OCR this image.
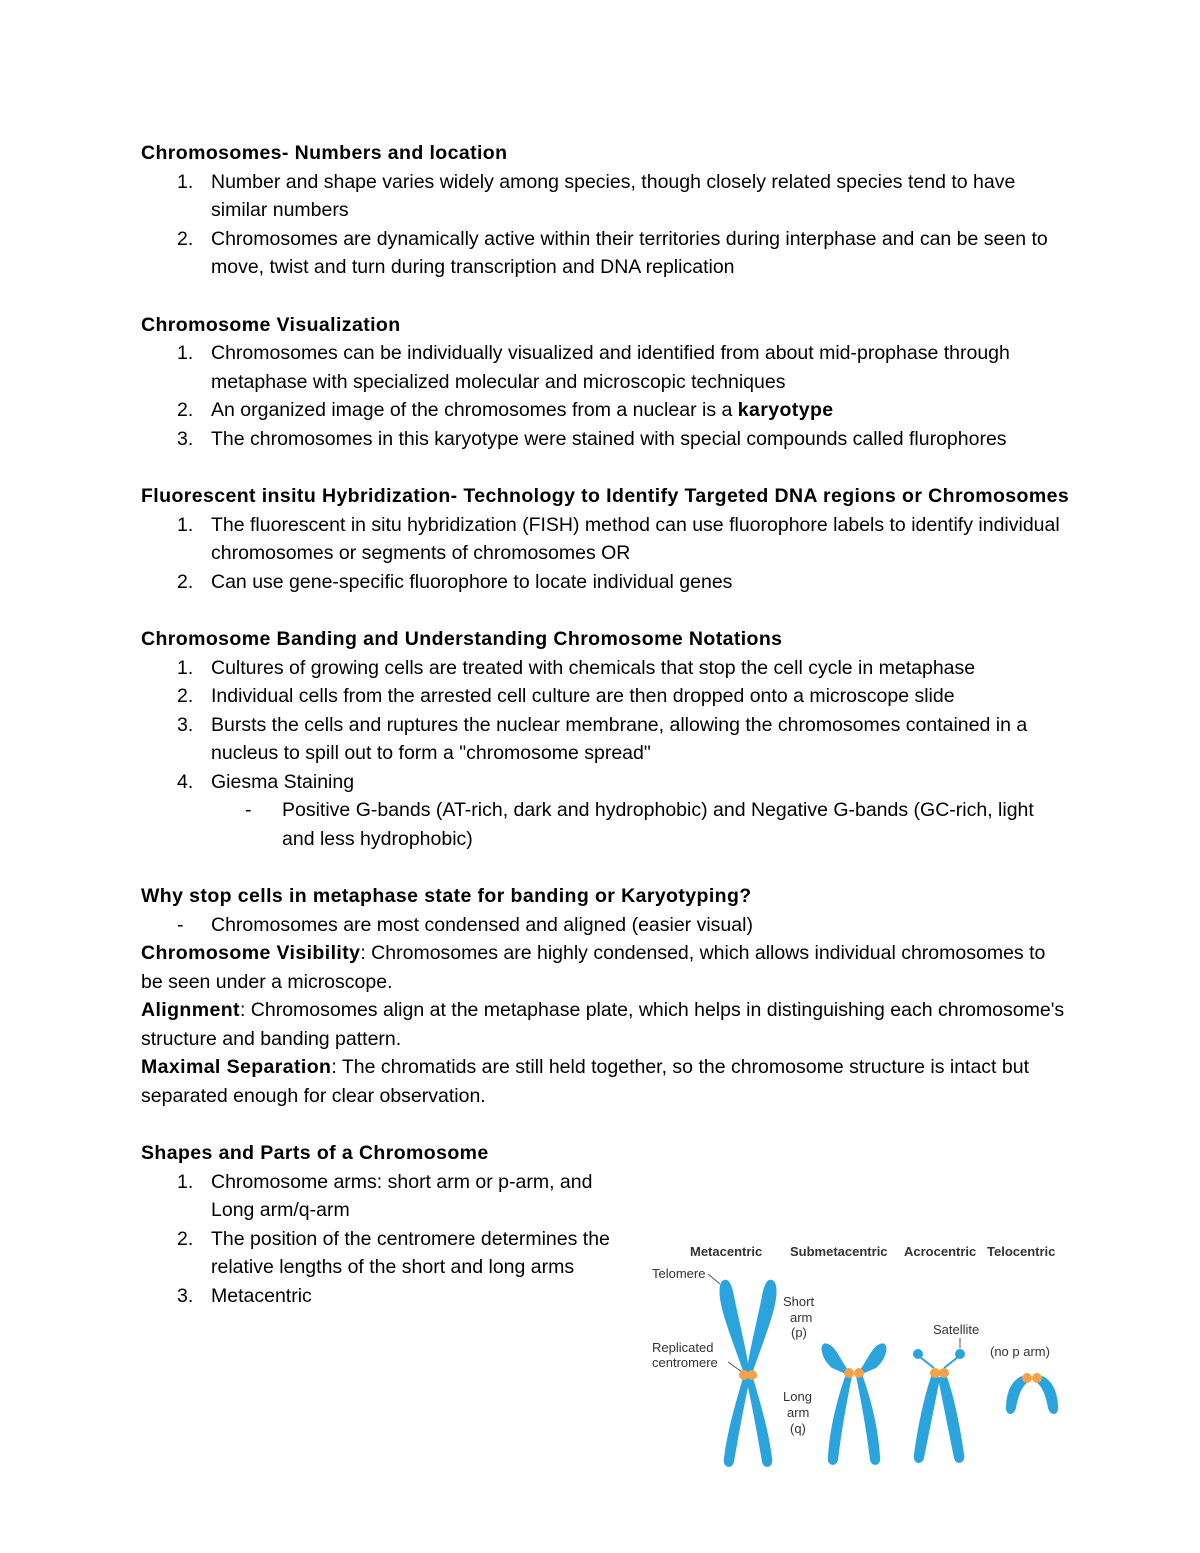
Chromosomes- Numbers and location
1. Number and shape varies widely among species, though closely related species tend to have similar numbers
2. Chromosomes are dynamically active within their territories during interphase and can be seen to move, twist and turn during transcription and DNA replication
Chromosome Visualization
1. Chromosomes can be individually visualized and identified from about mid-prophase through metaphase with specialized molecular and microscopic techniques
2. An organized image of the chromosomes from a nuclear is a karyotype
3. The chromosomes in this karyotype were stained with special compounds called flurophores
Fluorescent insitu Hybridization- Technology to Identify Targeted DNA regions or Chromosomes
1. The fluorescent in situ hybridization (FISH) method can use fluorophore labels to identify individual chromosomes or segments of chromosomes OR
2. Can use gene-specific fluorophore to locate individual genes
Chromosome Banding and Understanding Chromosome Notations
1. Cultures of growing cells are treated with chemicals that stop the cell cycle in metaphase
2. Individual cells from the arrested cell culture are then dropped onto a microscope slide
3. Bursts the cells and ruptures the nuclear membrane, allowing the chromosomes contained in a nucleus to spill out to form a "chromosome spread"
4. Giesma Staining
- Positive G-bands (AT-rich, dark and hydrophobic) and Negative G-bands (GC-rich, light and less hydrophobic)
Why stop cells in metaphase state for banding or Karyotyping?
- Chromosomes are most condensed and aligned (easier visual)

Chromosome Visibility: Chromosomes are highly condensed, which allows individual chromosomes to be seen under a microscope.

Alignment: Chromosomes align at the metaphase plate, which helps in distinguishing each chromosome's structure and banding pattern.

Maximal Separation: The chromatids are still held together, so the chromosome structure is intact but separated enough for clear observation.

Shapes and Parts of a Chromosome
1. Chromosome arms: short arm or p-arm, and Long arm/q-arm
2. The position of the centromere determines the relative lengths of the short and long arms
3. Metacentric
Metacentric Submetacentric Acrocentric Telocentric
Telomere
Short
arm
(p)
Replicated
centromere
Long
arm
(q)
Satellite
(no p arm)
